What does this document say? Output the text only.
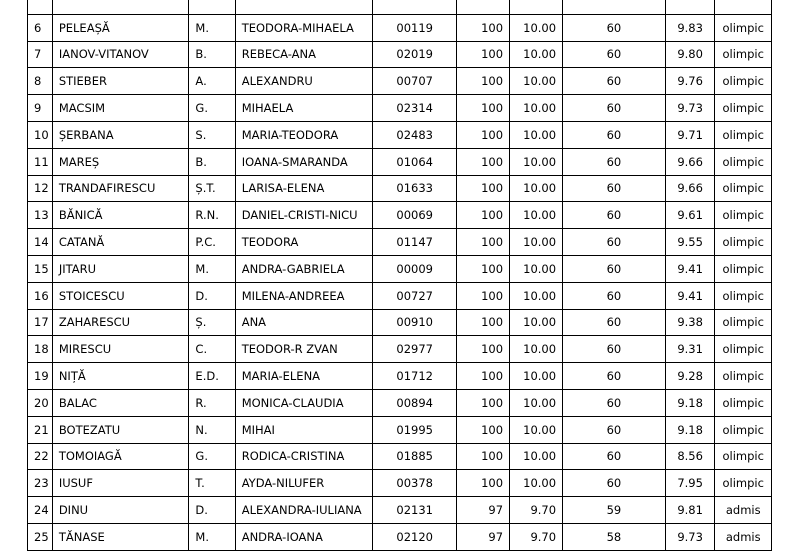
6	PELEAȘĂ	M.	TEODORA-MIHAELA	00119	100	10.00	60	9.83	olimpic
7	IANOV-VITANOV	B.	REBECA-ANA	02019	100	10.00	60	9.80	olimpic
8	STIEBER	A.	ALEXANDRU	00707	100	10.00	60	9.76	olimpic
9	MACSIM	G.	MIHAELA	02314	100	10.00	60	9.73	olimpic
10	ȘERBANA	S.	MARIA-TEODORA	02483	100	10.00	60	9.71	olimpic
11	MAREȘ	B.	IOANA-SMARANDA	01064	100	10.00	60	9.66	olimpic
12	TRANDAFIRESCU	Ș.T.	LARISA-ELENA	01633	100	10.00	60	9.66	olimpic
13	BĂNICĂ	R.N.	DANIEL-CRISTI-NICU	00069	100	10.00	60	9.61	olimpic
14	CATANĂ	P.C.	TEODORA	01147	100	10.00	60	9.55	olimpic
15	JITARU	M.	ANDRA-GABRIELA	00009	100	10.00	60	9.41	olimpic
16	STOICESCU	D.	MILENA-ANDREEA	00727	100	10.00	60	9.41	olimpic
17	ZAHARESCU	Ș.	ANA	00910	100	10.00	60	9.38	olimpic
18	MIRESCU	C.	TEODOR-R ZVAN	02977	100	10.00	60	9.31	olimpic
19	NIȚĂ	E.D.	MARIA-ELENA	01712	100	10.00	60	9.28	olimpic
20	BALAC	R.	MONICA-CLAUDIA	00894	100	10.00	60	9.18	olimpic
21	BOTEZATU	N.	MIHAI	01995	100	10.00	60	9.18	olimpic
22	TOMOIAGĂ	G.	RODICA-CRISTINA	01885	100	10.00	60	8.56	olimpic
23	IUSUF	T.	AYDA-NILUFER	00378	100	10.00	60	7.95	olimpic
24	DINU	D.	ALEXANDRA-IULIANA	02131	97	9.70	59	9.81	admis
25	TĂNASE	M.	ANDRA-IOANA	02120	97	9.70	58	9.73	admis
